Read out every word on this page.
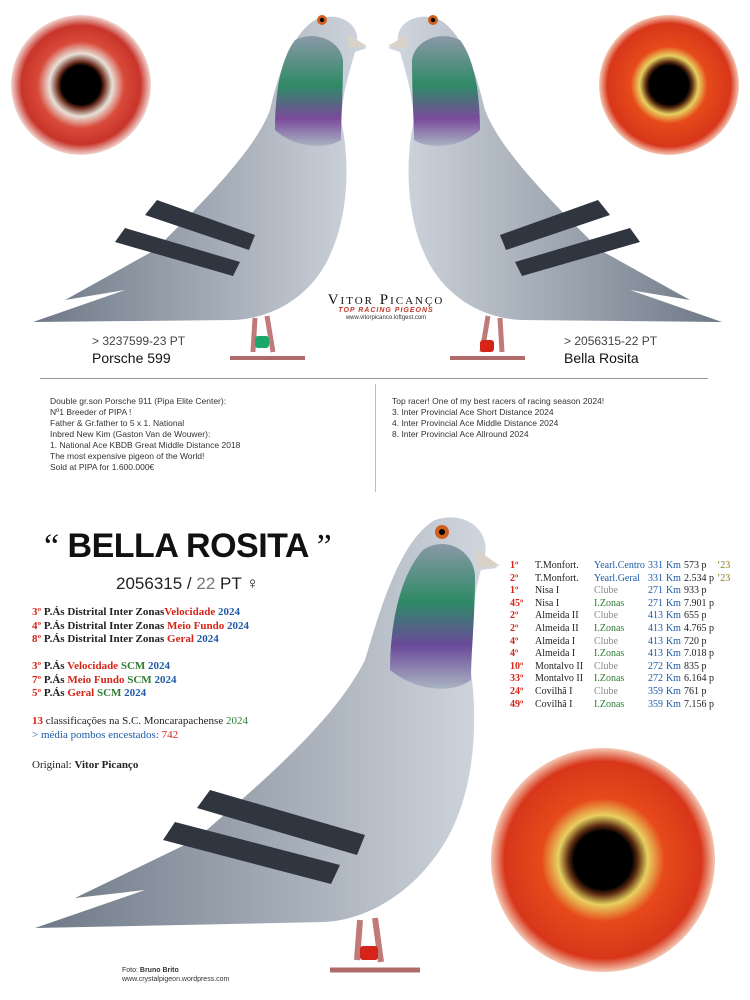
Vitor Picanço
TOP RACING PIGEONS
www.vitorpicanco.loftgest.com
> 3237599-23 PT
Porsche 599
> 2056315-22 PT
Bella Rosita
Double gr.son Porsche 911 (Pipa Elite Center):
Nº1 Breeder of PIPA !
Father & Gr.father to 5 x 1. National
Inbred New Kim (Gaston Van de Wouwer):
1. National Ace KBDB Great Middle Distance 2018
The most expensive pigeon of the World!
Sold at PIPA for 1.600.000€
Top racer! One of my best racers of racing season 2024!
3. Inter Provincial Ace Short Distance 2024
4. Inter Provincial Ace Middle Distance 2024
8. Inter Provincial Ace Allround 2024
“ BELLA ROSITA ”
2056315 / 22 PT ♀
3º P.Ás Distrital Inter ZonasVelocidade 2024
4º P.Ás Distrital Inter Zonas Meio Fundo 2024
8º P.Ás Distrital Inter Zonas Geral 2024
3º P.Ás Velocidade SCM 2024
7º P.Ás Meio Fundo SCM 2024
5º P.Ás Geral SCM 2024
13 classificações na S.C. Moncarapachense 2024
> média pombos encestados: 742
Original: Vitor Picanço
1º	T.Monfort.	Yearl.Centro	331	Km	573 p	‘23
2º	T.Monfort.	Yearl.Geral	331	Km	2.534 p	’23
1º	Nisa I	Clube	271	Km	933 p	
45º	Nisa I	I.Zonas	271	Km	7.901 p	
2º	Almeida II	Clube	413	Km	655 p	
2º	Almeida II	I.Zonas	413	Km	4.765 p	
4º	Almeida I	Clube	413	Km	720 p	
4º	Almeida I	I.Zonas	413	Km	7.018 p	
10º	Montalvo II	Clube	272	Km	835 p	
33º	Montalvo II	I.Zonas	272	Km	6.164 p	
24º	Covilhã I	Clube	359	Km	761 p	
49º	Covilhã I	I.Zonas	359	Km	7.156 p	
Foto: Bruno Brito
www.crystalpigeon.wordpress.com
